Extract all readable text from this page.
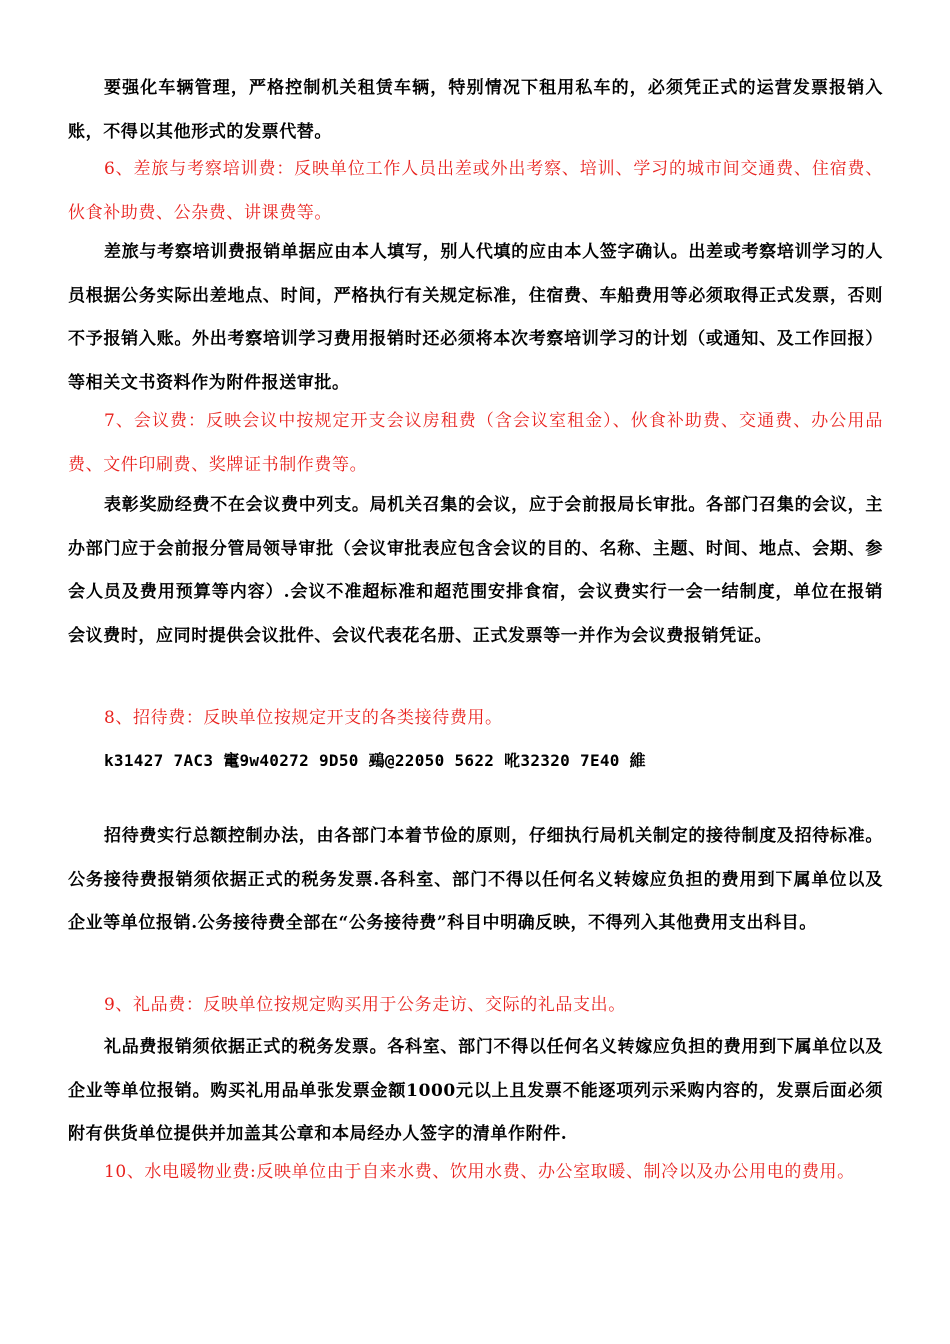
要强化车辆管理，严格控制机关租赁车辆，特别情况下租用私车的，必须凭正式的运营发票报销入账，不得以其他形式的发票代替。

6、差旅与考察培训费：反映单位工作人员出差或外出考察、培训、学习的城市间交通费、住宿费、伙食补助费、公杂费、讲课费等。

差旅与考察培训费报销单据应由本人填写，别人代填的应由本人签字确认。出差或考察培训学习的人员根据公务实际出差地点、时间，严格执行有关规定标准，住宿费、车船费用等必须取得正式发票，否则不予报销入账。外出考察培训学习费用报销时还必须将本次考察培训学习的计划（或通知、及工作回报）等相关文书资料作为附件报送审批。

7、会议费：反映会议中按规定开支会议房租费（含会议室租金）、伙食补助费、交通费、办公用品费、文件印刷费、奖牌证书制作费等。

表彰奖励经费不在会议费中列支。局机关召集的会议，应于会前报局长审批。各部门召集的会议，主办部门应于会前报分管局领导审批（会议审批表应包含会议的目的、名称、主题、时间、地点、会期、参会人员及费用预算等内容）.会议不准超标准和超范围安排食宿，会议费实行一会一结制度，单位在报销会议费时，应同时提供会议批件、会议代表花名册、正式发票等一并作为会议费报销凭证。

8、招待费：反映单位按规定开支的各类接待费用。

k31427 7AC3 竃9w40272 9D50 鵐@22050 5622 吪32320 7E40 維

招待费实行总额控制办法，由各部门本着节俭的原则，仔细执行局机关制定的接待制度及招待标准。公务接待费报销须依据正式的税务发票.各科室、部门不得以任何名义转嫁应负担的费用到下属单位以及企业等单位报销.公务接待费全部在“公务接待费”科目中明确反映，不得列入其他费用支出科目。

9、礼品费：反映单位按规定购买用于公务走访、交际的礼品支出。

礼品费报销须依据正式的税务发票。各科室、部门不得以任何名义转嫁应负担的费用到下属单位以及企业等单位报销。购买礼用品单张发票金额1000元以上且发票不能逐项列示采购内容的，发票后面必须附有供货单位提供并加盖其公章和本局经办人签字的清单作附件.

10、水电暖物业费:反映单位由于自来水费、饮用水费、办公室取暖、制冷以及办公用电的费用。
